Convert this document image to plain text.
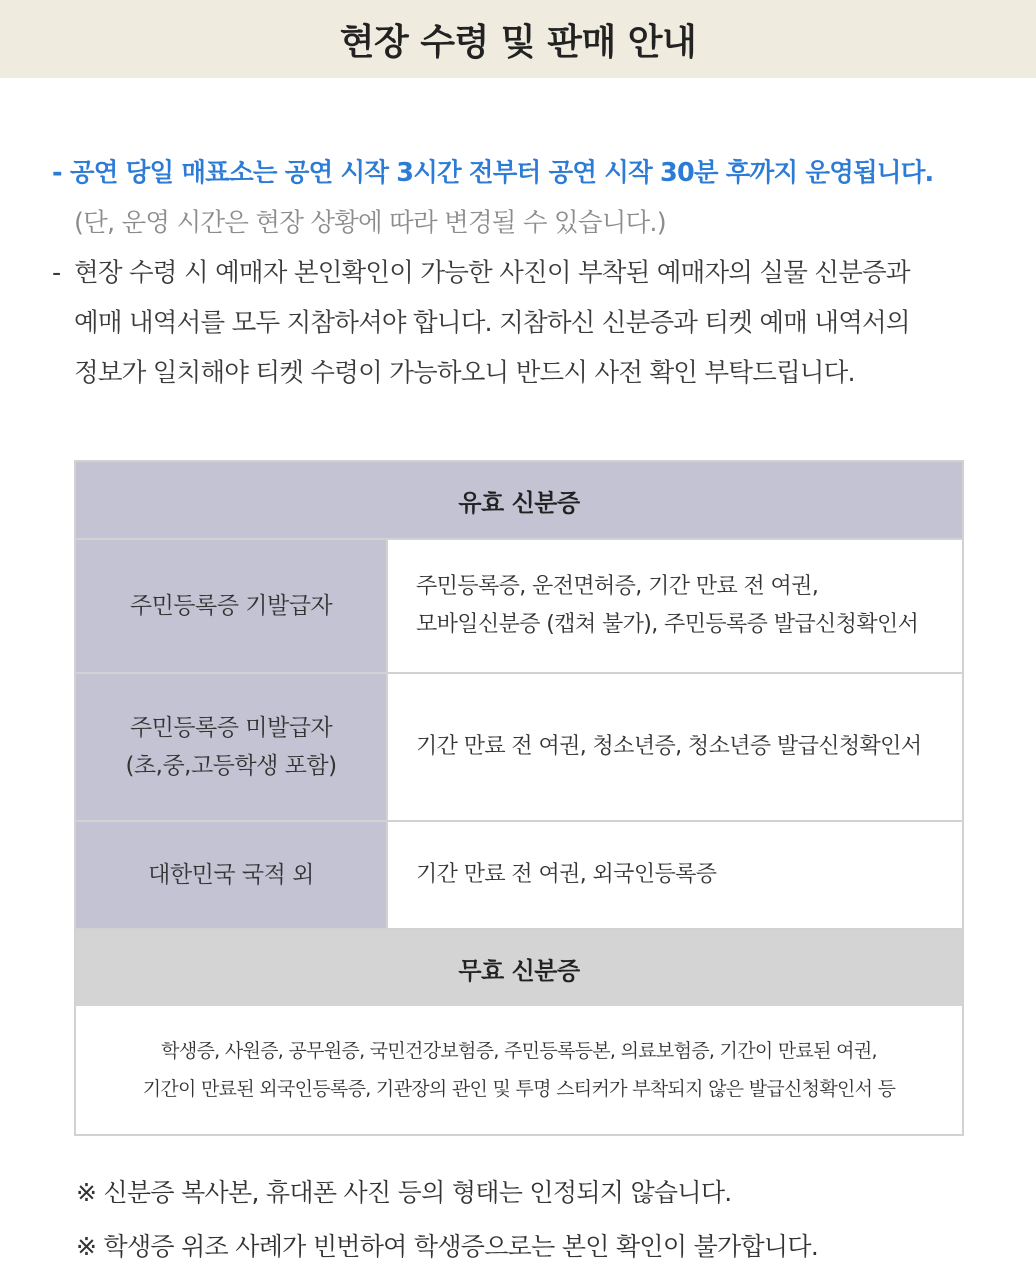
현장 수령 및 판매 안내
- 공연 당일 매표소는 공연 시작 3시간 전부터 공연 시작 30분 후까지 운영됩니다.
(단, 운영 시간은 현장 상황에 따라 변경될 수 있습니다.)
- 현장 수령 시 예매자 본인확인이 가능한 사진이 부착된 예매자의 실물 신분증과
예매 내역서를 모두 지참하셔야 합니다. 지참하신 신분증과 티켓 예매 내역서의
정보가 일치해야 티켓 수령이 가능하오니 반드시 사전 확인 부탁드립니다.
유효 신분증
주민등록증 기발급자
주민등록증, 운전면허증, 기간 만료 전 여권,
모바일신분증 (캡쳐 불가), 주민등록증 발급신청확인서
주민등록증 미발급자
(초,중,고등학생 포함)
기간 만료 전 여권, 청소년증, 청소년증 발급신청확인서
대한민국 국적 외	기간 만료 전 여권, 외국인등록증
무효 신분증
학생증, 사원증, 공무원증, 국민건강보험증, 주민등록등본, 의료보험증, 기간이 만료된 여권,
기간이 만료된 외국인등록증, 기관장의 관인 및 투명 스티커가 부착되지 않은 발급신청확인서 등
※ 신분증 복사본, 휴대폰 사진 등의 형태는 인정되지 않습니다.
※ 학생증 위조 사례가 빈번하여 학생증으로는 본인 확인이 불가합니다.
